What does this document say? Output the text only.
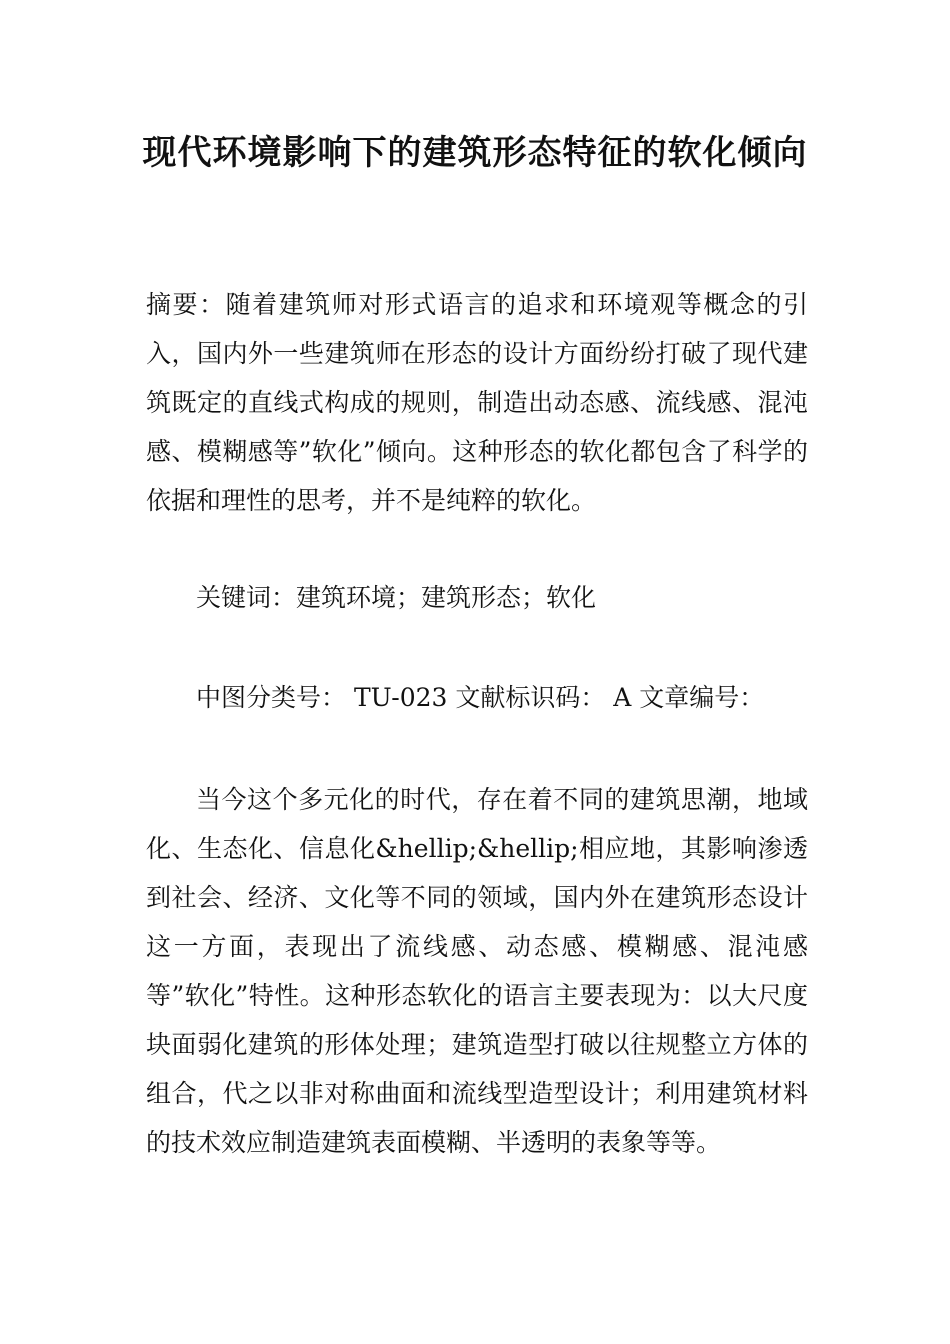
现代环境影响下的建筑形态特征的软化倾向

摘要：随着建筑师对形式语言的追求和环境观等概念的引入，国内外一些建筑师在形态的设计方面纷纷打破了现代建筑既定的直线式构成的规则，制造出动态感、流线感、混沌感、模糊感等”软化”倾向。这种形态的软化都包含了科学的依据和理性的思考，并不是纯粹的软化。

关键词：建筑环境；建筑形态；软化

中图分类号： TU-023 文献标识码： A 文章编号：

当今这个多元化的时代，存在着不同的建筑思潮，地域化、生态化、信息化&hellip;&hellip;相应地，其影响渗透到社会、经济、文化等不同的领域，国内外在建筑形态设计这一方面，表现出了流线感、动态感、模糊感、混沌感等”软化”特性。这种形态软化的语言主要表现为：以大尺度块面弱化建筑的形体处理；建筑造型打破以往规整立方体的组合，代之以非对称曲面和流线型造型设计；利用建筑材料的技术效应制造建筑表面模糊、半透明的表象等等。
